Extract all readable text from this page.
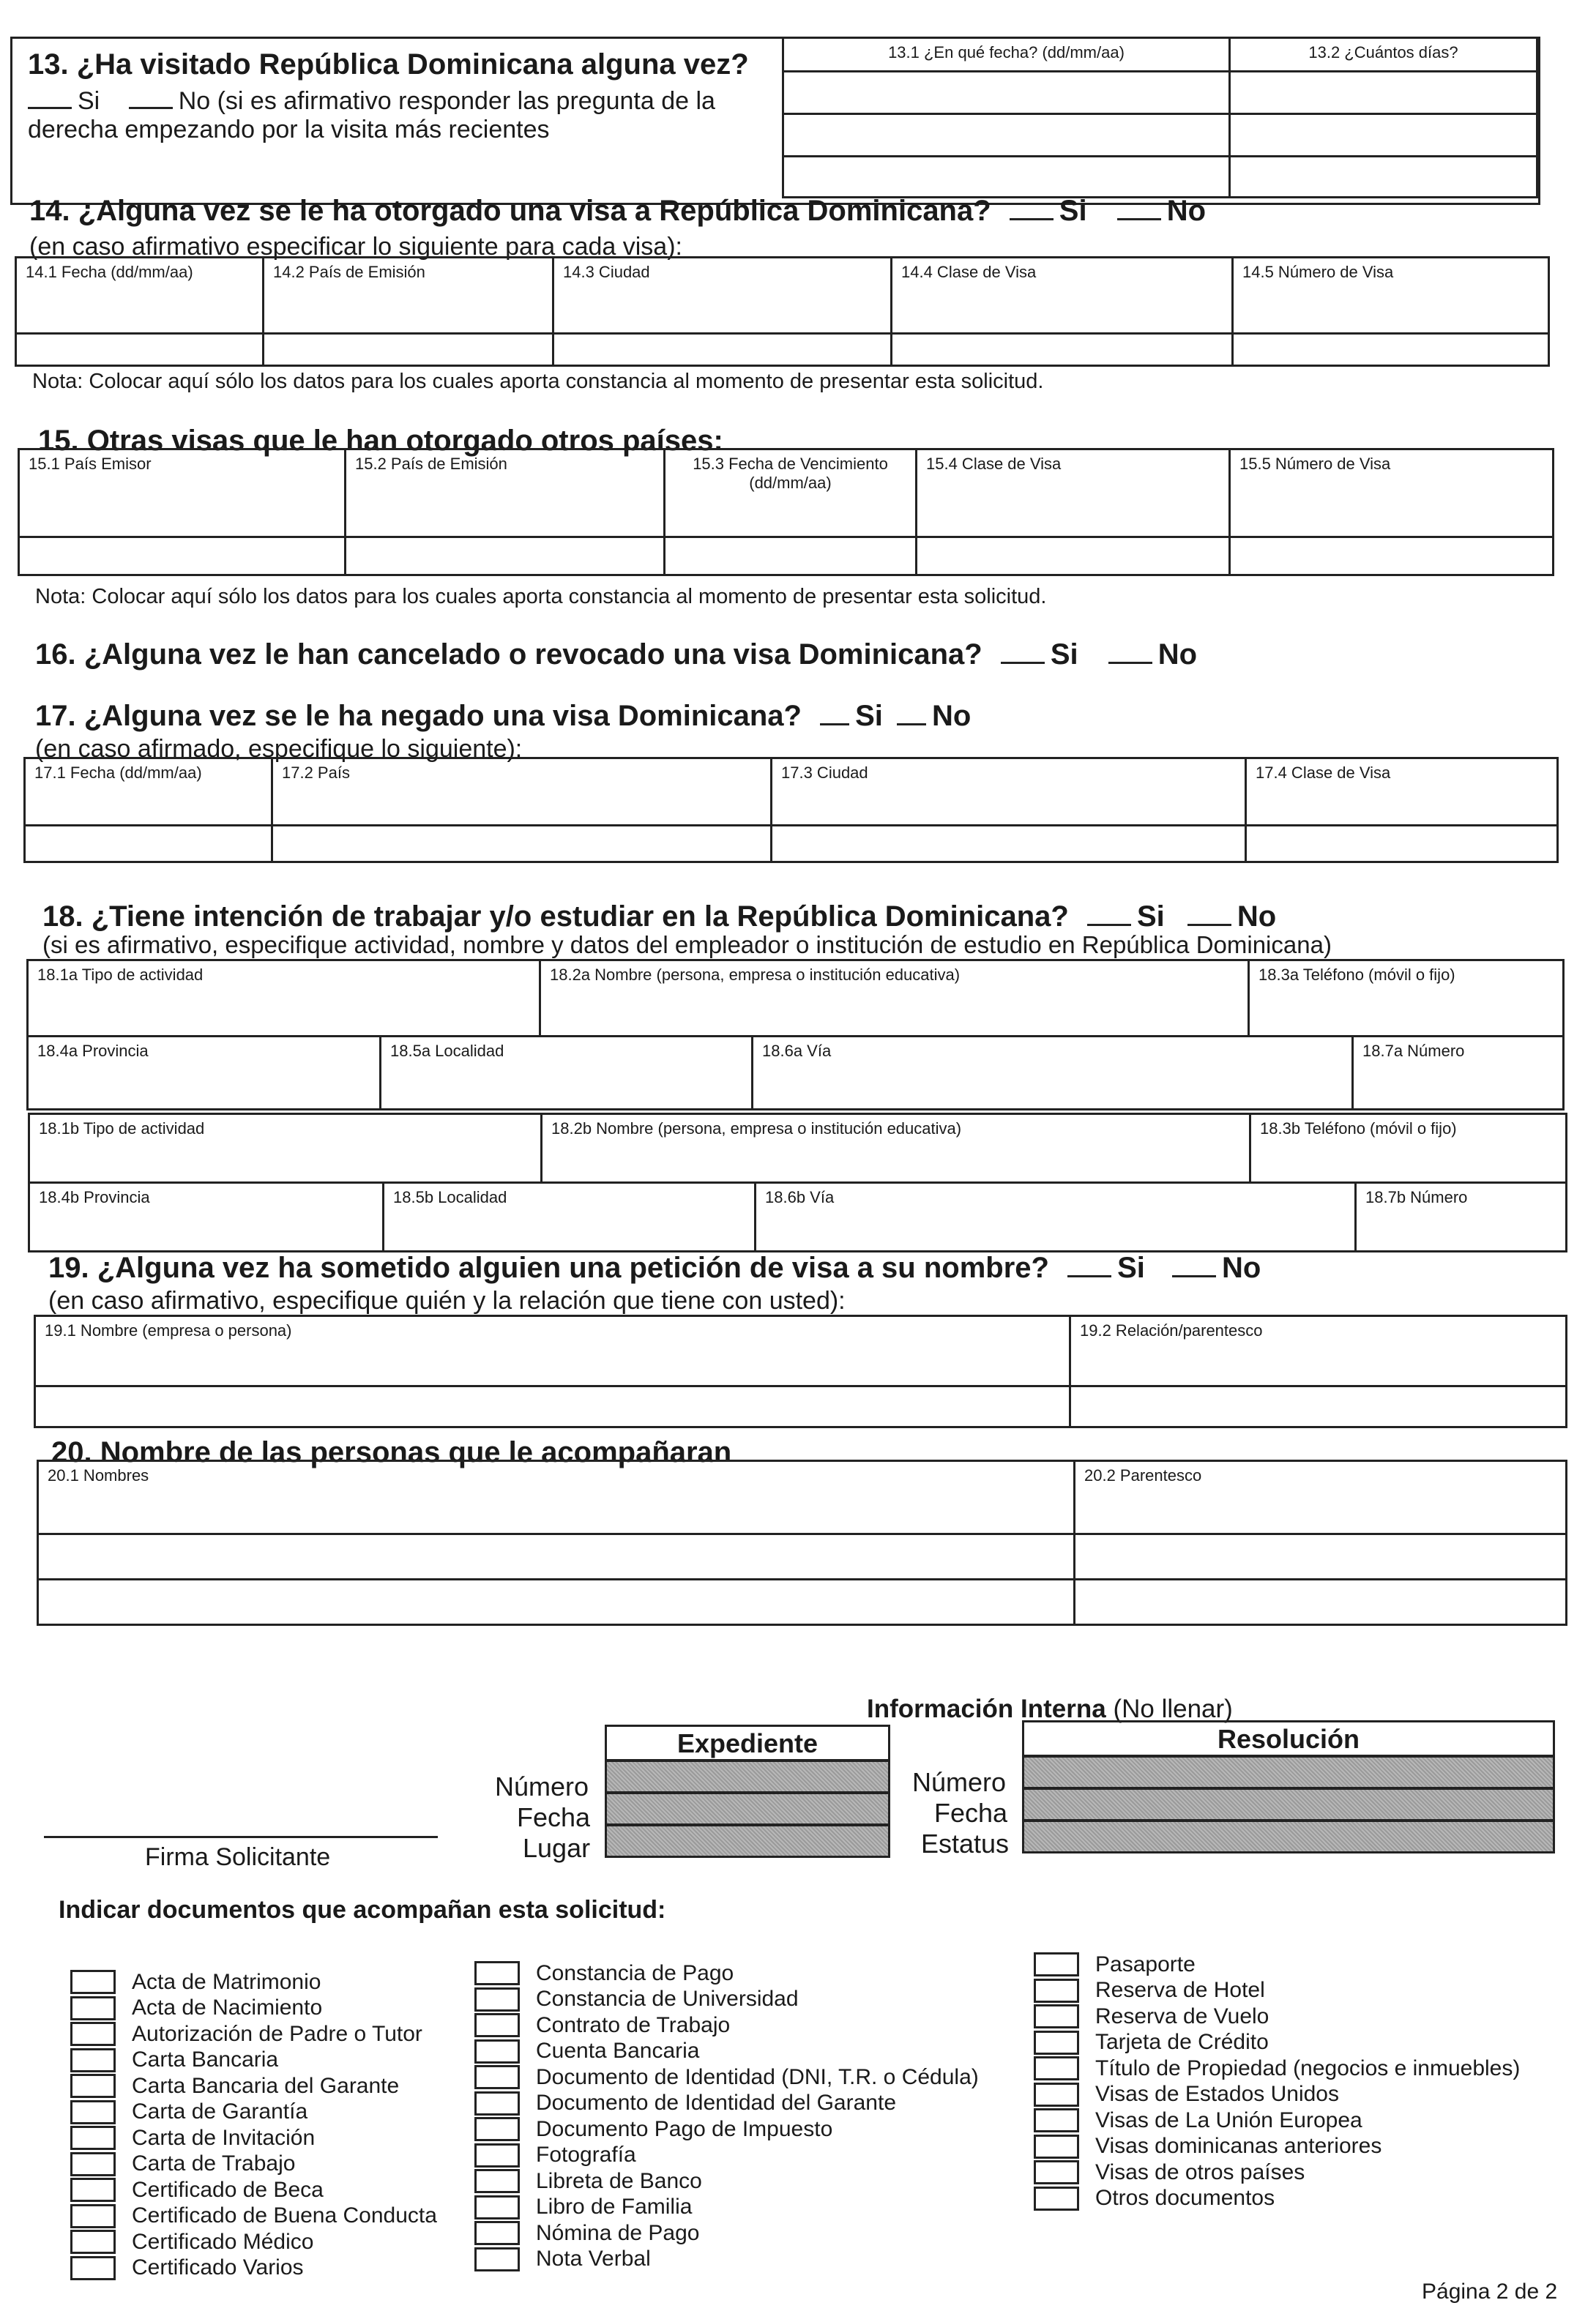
13. ¿Ha visitado República Dominicana alguna vez?
Si	No (si es afirmativo responder las pregunta de la
derecha empezando por la visita más recientes
13.1 ¿En qué fecha? (dd/mm/aa)	13.2 ¿Cuántos días?

14. ¿Alguna vez se le ha otorgado una visa a República Dominicana? Si	No
(en caso afirmativo especificar lo siguiente para cada visa):
14.1 Fecha (dd/mm/aa)	14.2 País de Emisión	14.3 Ciudad	14.4 Clase de Visa	14.5 Número de Visa

Nota: Colocar aquí sólo los datos para los cuales aporta constancia al momento de presentar esta solicitud.
15. Otras visas que le han otorgado otros países:
15.1 País Emisor	15.2 País de Emisión	15.3 Fecha de Vencimiento
(dd/mm/aa)	15.4 Clase de Visa	15.5 Número de Visa

Nota: Colocar aquí sólo los datos para los cuales aporta constancia al momento de presentar esta solicitud.
16. ¿Alguna vez le han cancelado o revocado una visa Dominicana? Si	No
17. ¿Alguna vez se le ha negado una visa Dominicana? Si No
(en caso afirmado, especifique lo siguiente):
17.1 Fecha (dd/mm/aa)	17.2 País	17.3 Ciudad	17.4 Clase de Visa

18. ¿Tiene intención de trabajar y/o estudiar en la República Dominicana? Si No
(si es afirmativo, especifique actividad, nombre y datos del empleador o institución de estudio en República Dominicana)
18.1a Tipo de actividad	18.2a Nombre (persona, empresa o institución educativa)	18.3a Teléfono (móvil o fijo)
18.4a Provincia	18.5a Localidad	18.6a Vía	18.7a Número
18.1b Tipo de actividad	18.2b Nombre (persona, empresa o institución educativa)	18.3b Teléfono (móvil o fijo)
18.4b Provincia	18.5b Localidad	18.6b Vía	18.7b Número
19. ¿Alguna vez ha sometido alguien una petición de visa a su nombre? Si	No
(en caso afirmativo, especifique quién y la relación que tiene con usted):
19.1 Nombre (empresa o persona)	19.2 Relación/parentesco

20. Nombre de las personas que le acompañaran
20.1 Nombres	20.2 Parentesco

Información Interna (No llenar)
Expediente
Número
Fecha
Lugar
Resolución
Número
Fecha
Estatus
Firma Solicitante
Indicar documentos que acompañan esta solicitud:
Acta de Matrimonio
Acta de Nacimiento
Autorización de Padre o Tutor
Carta Bancaria
Carta Bancaria del Garante
Carta de Garantía
Carta de Invitación
Carta de Trabajo
Certificado de Beca
Certificado de Buena Conducta
Certificado Médico
Certificado Varios
Constancia de Pago
Constancia de Universidad
Contrato de Trabajo
Cuenta Bancaria
Documento de Identidad (DNI, T.R. o Cédula)
Documento de Identidad del Garante
Documento Pago de Impuesto
Fotografía
Libreta de Banco
Libro de Familia
Nómina de Pago
Nota Verbal
Pasaporte
Reserva de Hotel
Reserva de Vuelo
Tarjeta de Crédito
Título de Propiedad (negocios e inmuebles)
Visas de Estados Unidos
Visas de La Unión Europea
Visas dominicanas anteriores
Visas de otros países
Otros documentos
Página 2 de 2
